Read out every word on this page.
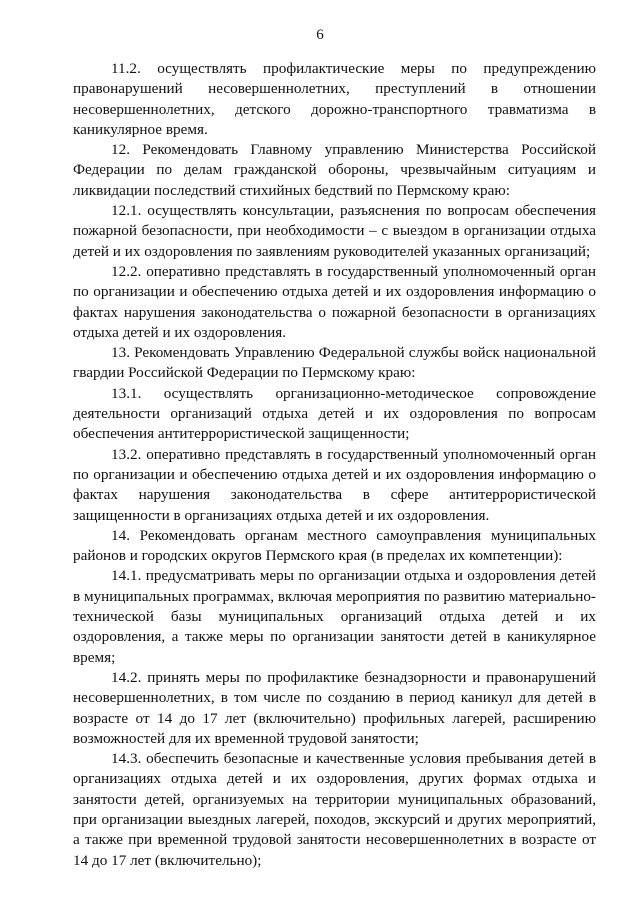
6

11.2. осуществлять профилактические меры по предупреждению правонарушений несовершеннолетних, преступлений в отношении несовершеннолетних, детского дорожно-транспортного травматизма в каникулярное время.

12. Рекомендовать Главному управлению Министерства Российской Федерации по делам гражданской обороны, чрезвычайным ситуациям и ликвидации последствий стихийных бедствий по Пермскому краю:

12.1. осуществлять консультации, разъяснения по вопросам обеспечения пожарной безопасности, при необходимости – с выездом в организации отдыха детей и их оздоровления по заявлениям руководителей указанных организаций;

12.2. оперативно представлять в государственный уполномоченный орган по организации и обеспечению отдыха детей и их оздоровления информацию о фактах нарушения законодательства о пожарной безопасности в организациях отдыха детей и их оздоровления.

13. Рекомендовать Управлению Федеральной службы войск национальной гвардии Российской Федерации по Пермскому краю:

13.1. осуществлять организационно-методическое сопровождение деятельности организаций отдыха детей и их оздоровления по вопросам обеспечения антитеррористической защищенности;

13.2. оперативно представлять в государственный уполномоченный орган по организации и обеспечению отдыха детей и их оздоровления информацию о фактах нарушения законодательства в сфере антитеррористической защищенности в организациях отдыха детей и их оздоровления.

14. Рекомендовать органам местного самоуправления муниципальных районов и городских округов Пермского края (в пределах их компетенции):

14.1. предусматривать меры по организации отдыха и оздоровления детей в муниципальных программах, включая мероприятия по развитию материально-технической базы муниципальных организаций отдыха детей и их оздоровления, а также меры по организации занятости детей в каникулярное время;

14.2. принять меры по профилактике безнадзорности и правонарушений несовершеннолетних, в том числе по созданию в период каникул для детей в возрасте от 14 до 17 лет (включительно) профильных лагерей, расширению возможностей для их временной трудовой занятости;

14.3. обеспечить безопасные и качественные условия пребывания детей в организациях отдыха детей и их оздоровления, других формах отдыха и занятости детей, организуемых на территории муниципальных образований, при организации выездных лагерей, походов, экскурсий и других мероприятий, а также при временной трудовой занятости несовершеннолетних в возрасте от 14 до 17 лет (включительно);
